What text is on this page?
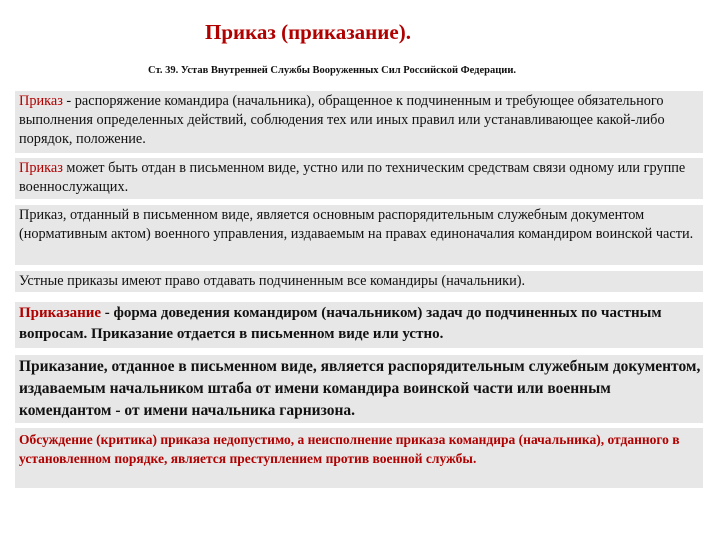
Приказ (приказание).
Ст. 39. Устав Внутренней Службы Вооруженных Сил Российской Федерации.
Приказ - распоряжение командира (начальника), обращенное к подчиненным и требующее обязательного выполнения определенных действий, соблюдения тех или иных правил или устанавливающее какой-либо порядок, положение.
Приказ может быть отдан в письменном виде, устно или по техническим средствам связи одному или группе военнослужащих.
Приказ, отданный в письменном виде, является основным распорядительным служебным документом (нормативным актом) военного управления, издаваемым на правах единоначалия командиром воинской части.
Устные приказы имеют право отдавать подчиненным все командиры (начальники).
Приказание - форма доведения командиром (начальником) задач до подчиненных по частным вопросам. Приказание отдается в письменном виде или устно.
Приказание, отданное в письменном виде, является распорядительным служебным документом, издаваемым начальником штаба от имени командира воинской части или военным комендантом - от имени начальника гарнизона.
Обсуждение (критика) приказа недопустимо, а неисполнение приказа командира (начальника), отданного в установленном порядке, является преступлением против военной службы.
